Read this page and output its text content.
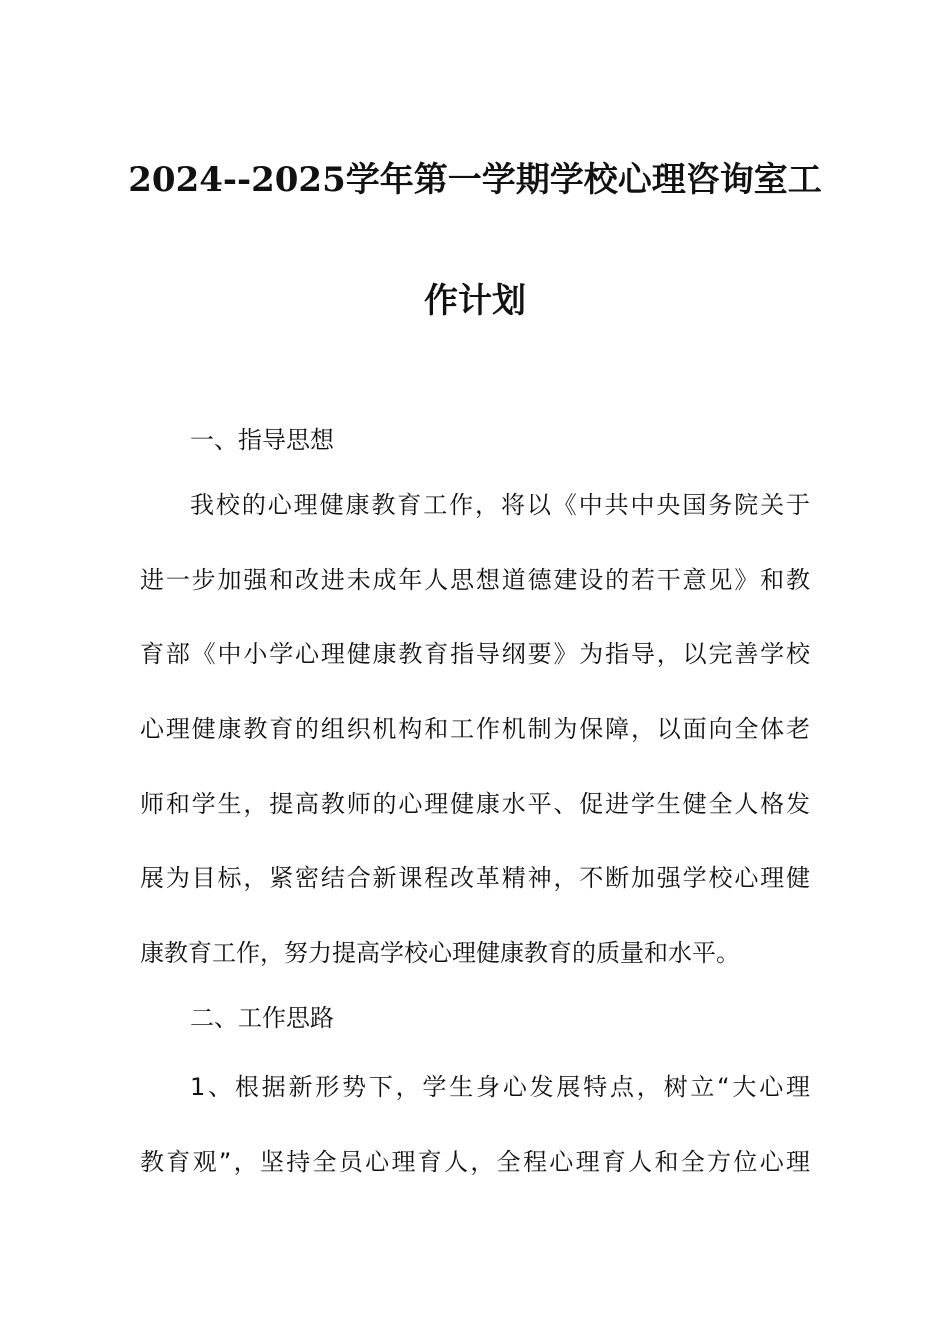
2024--2025学年第一学期学校心理咨询室工
作计划
一、指导思想
我校的心理健康教育工作，将以《中共中央国务院关于
进一步加强和改进未成年人思想道德建设的若干意见》和教
育部《中小学心理健康教育指导纲要》为指导，以完善学校
心理健康教育的组织机构和工作机制为保障，以面向全体老
师和学生，提高教师的心理健康水平、促进学生健全人格发
展为目标，紧密结合新课程改革精神，不断加强学校心理健
康教育工作，努力提高学校心理健康教育的质量和水平。
二、工作思路
1、根据新形势下，学生身心发展特点，树立“大心理
教育观”，坚持全员心理育人，全程心理育人和全方位心理
